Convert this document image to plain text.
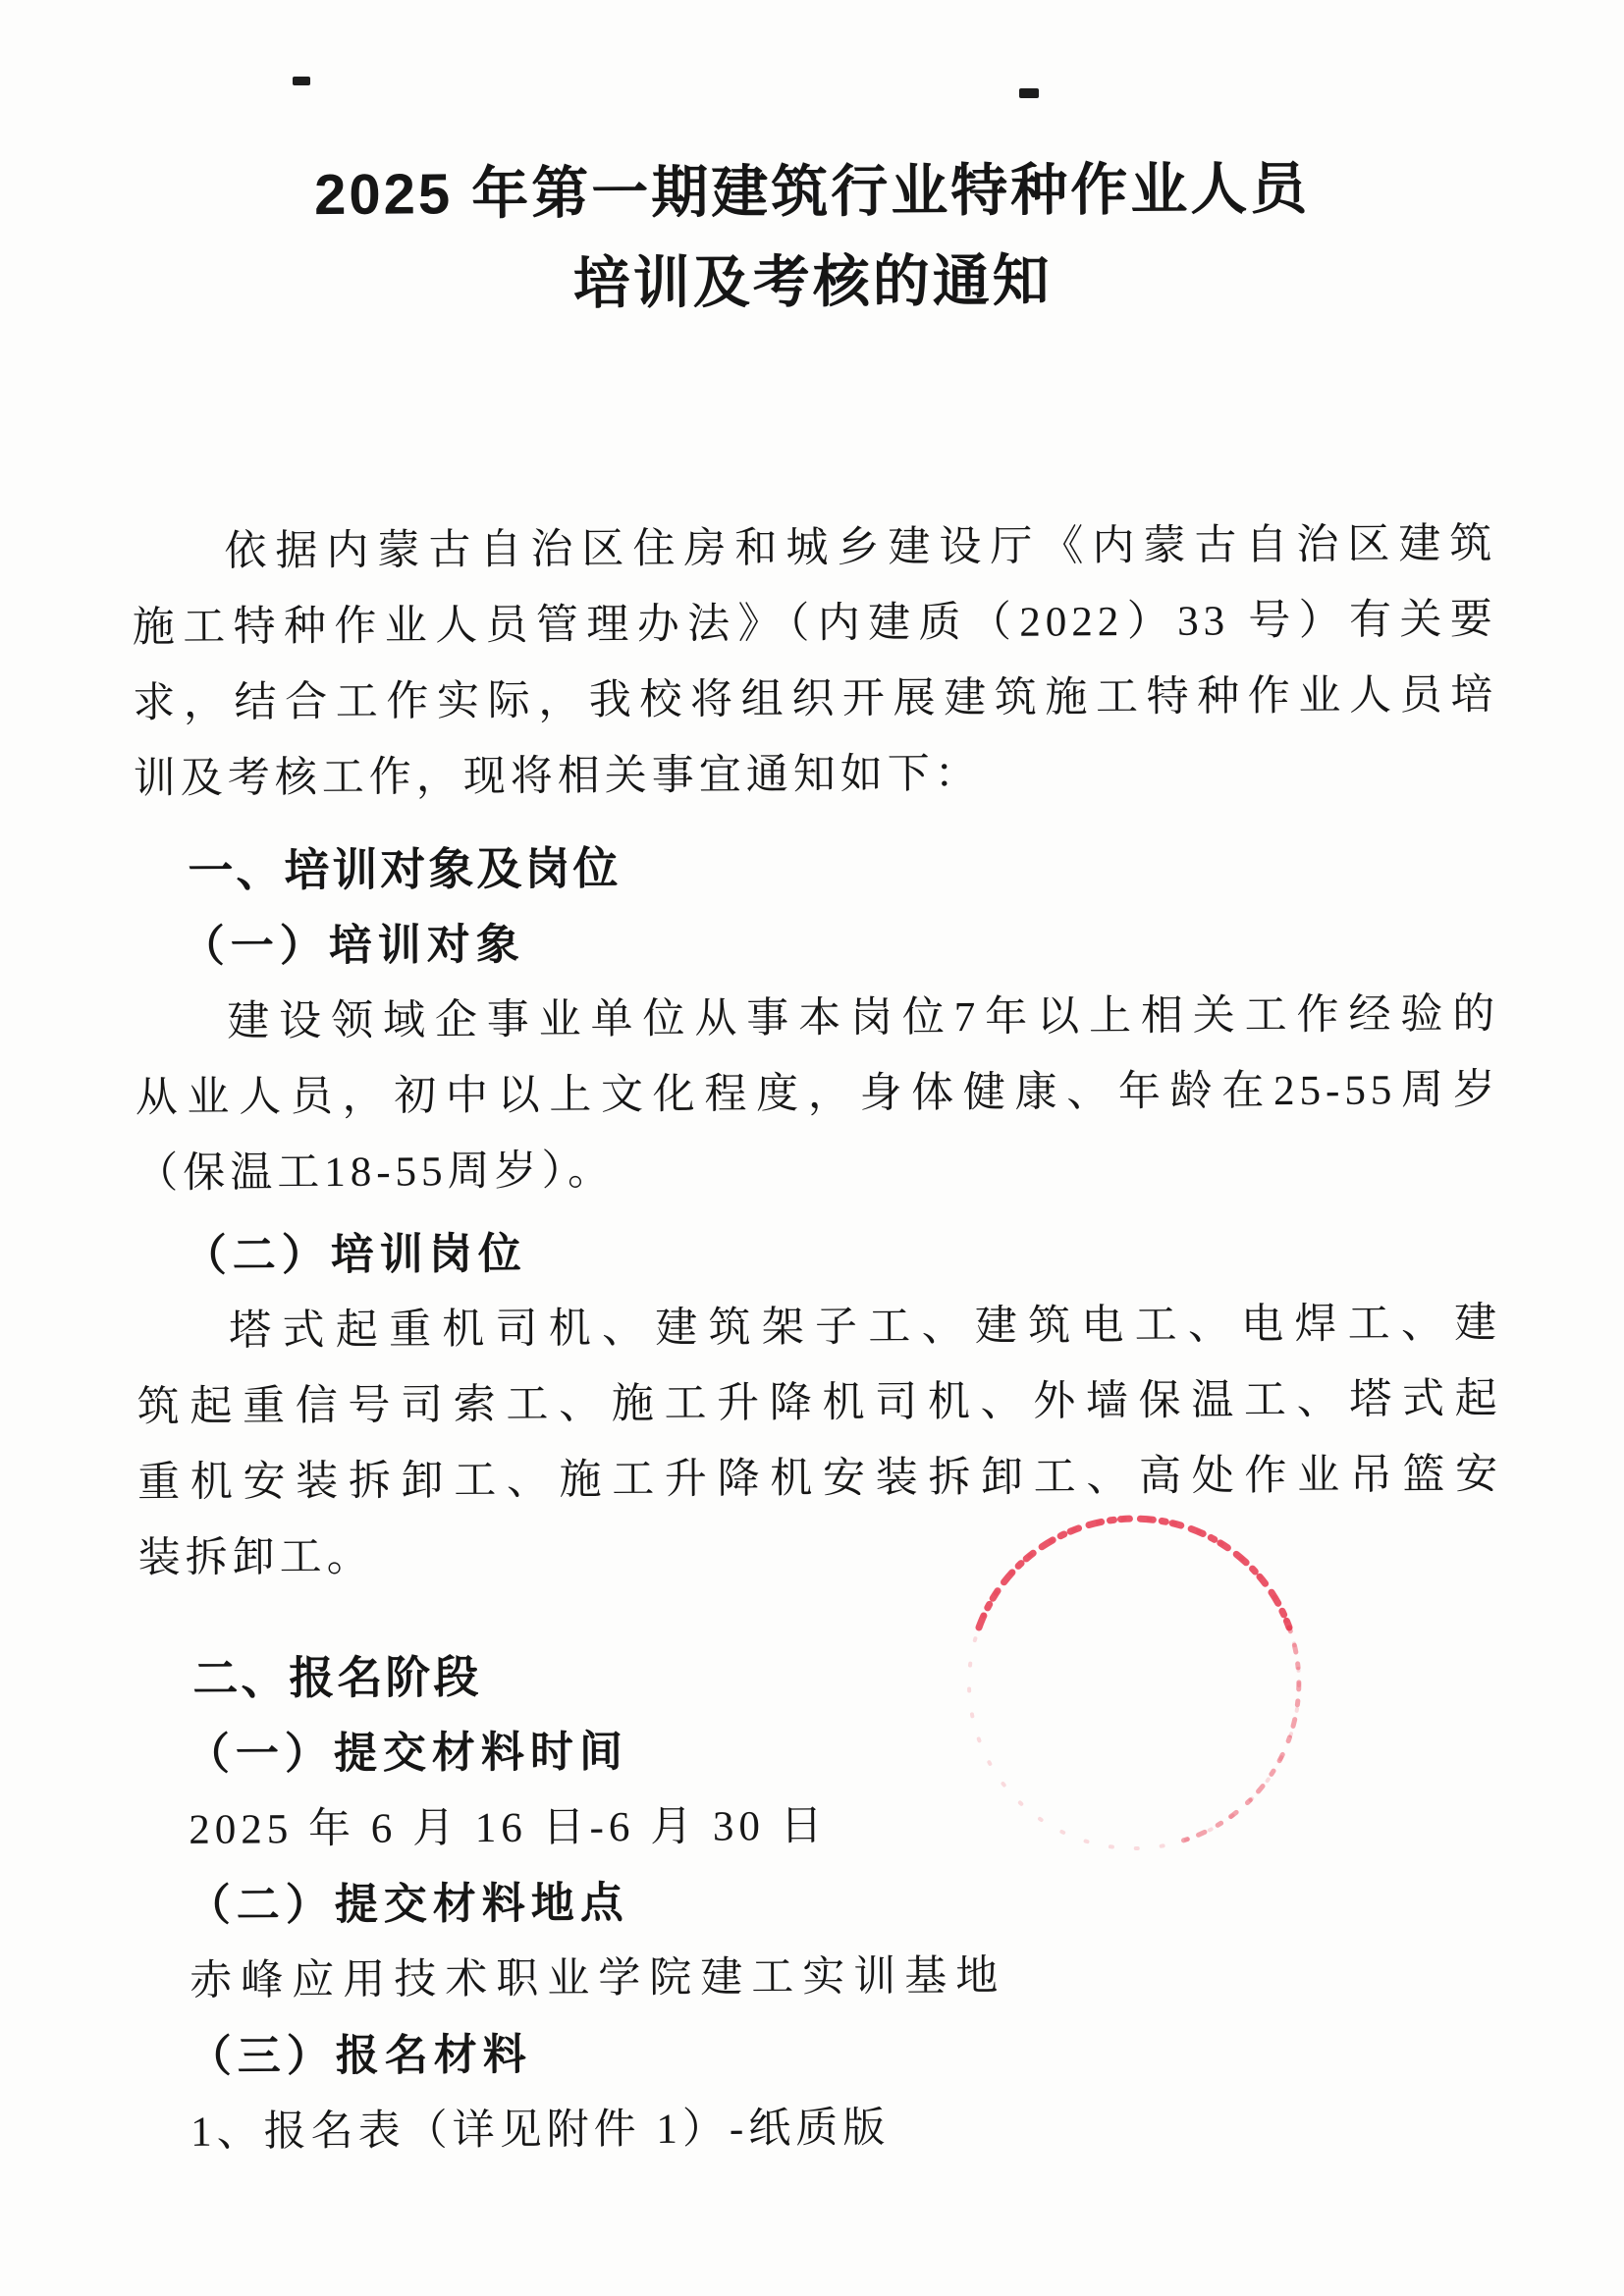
2025 年第一期建筑行业特种作业人员
培训及考核的通知
依据内蒙古自治区住房和城乡建设厅《内蒙古自治区建筑
施工特种作业人员管理办法》（内建质（2022）33 号）有关要
求，结合工作实际，我校将组织开展建筑施工特种作业人员培
训及考核工作，现将相关事宜通知如下：
一、培训对象及岗位
（一）培训对象
建设领域企事业单位从事本岗位7年以上相关工作经验的
从业人员，初中以上文化程度，身体健康、年龄在25-55周岁
（保温工18-55周岁）。
（二）培训岗位
塔式起重机司机、建筑架子工、建筑电工、电焊工、建
筑起重信号司索工、施工升降机司机、外墙保温工、塔式起
重机安装拆卸工、施工升降机安装拆卸工、高处作业吊篮安
装拆卸工。
二、报名阶段
（一）提交材料时间
2025 年 6 月 16 日-6 月 30 日
（二）提交材料地点
赤峰应用技术职业学院建工实训基地
（三）报名材料
1、报名表（详见附件 1）-纸质版
